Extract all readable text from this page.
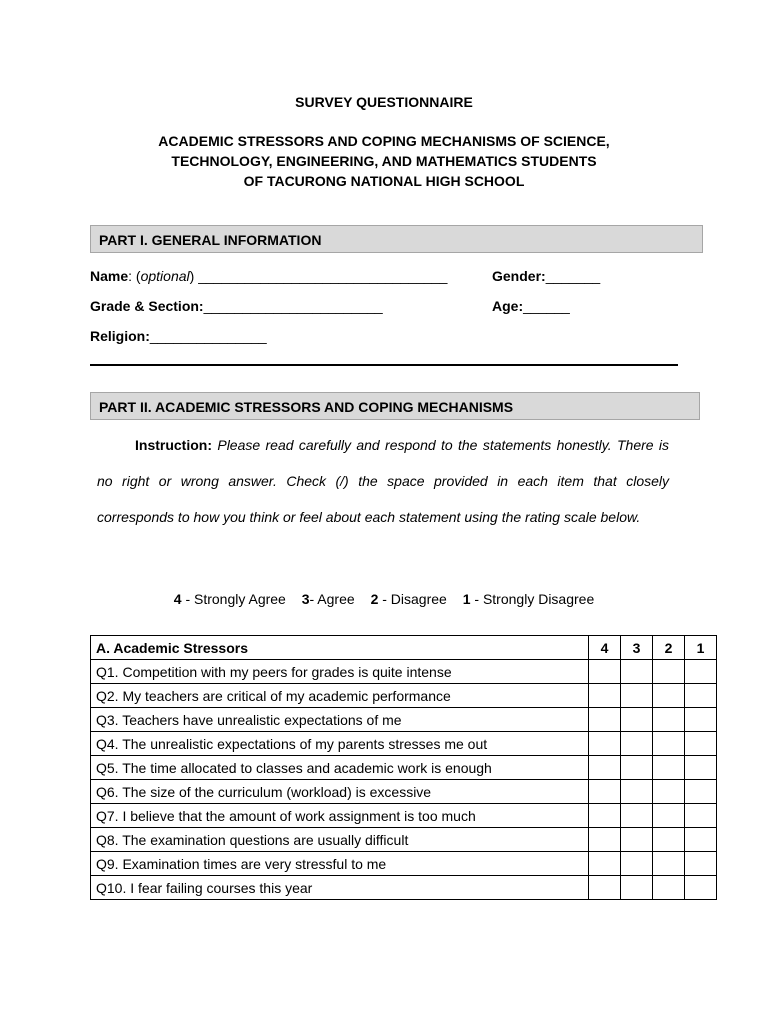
SURVEY QUESTIONNAIRE
ACADEMIC STRESSORS AND COPING MECHANISMS OF SCIENCE,
TECHNOLOGY, ENGINEERING, AND MATHEMATICS STUDENTS
OF TACURONG NATIONAL HIGH SCHOOL
PART I. GENERAL INFORMATION
Name: (optional) ________________________________	Gender:_______
Grade & Section:_______________________	Age:______
Religion:_______________
PART II. ACADEMIC STRESSORS AND COPING MECHANISMS
Instruction: Please read carefully and respond to the statements honestly. There is no right or wrong answer. Check (/) the space provided in each item that closely corresponds to how you think or feel about each statement using the rating scale below.
4 - Strongly Agree 3- Agree 2 - Disagree 1 - Strongly Disagree
A. Academic Stressors	4	3	2	1
Q1. Competition with my peers for grades is quite intense				
Q2. My teachers are critical of my academic performance				
Q3. Teachers have unrealistic expectations of me				
Q4. The unrealistic expectations of my parents stresses me out				
Q5. The time allocated to classes and academic work is enough				
Q6. The size of the curriculum (workload) is excessive				
Q7. I believe that the amount of work assignment is too much				
Q8. The examination questions are usually difficult				
Q9. Examination times are very stressful to me				
Q10. I fear failing courses this year				
